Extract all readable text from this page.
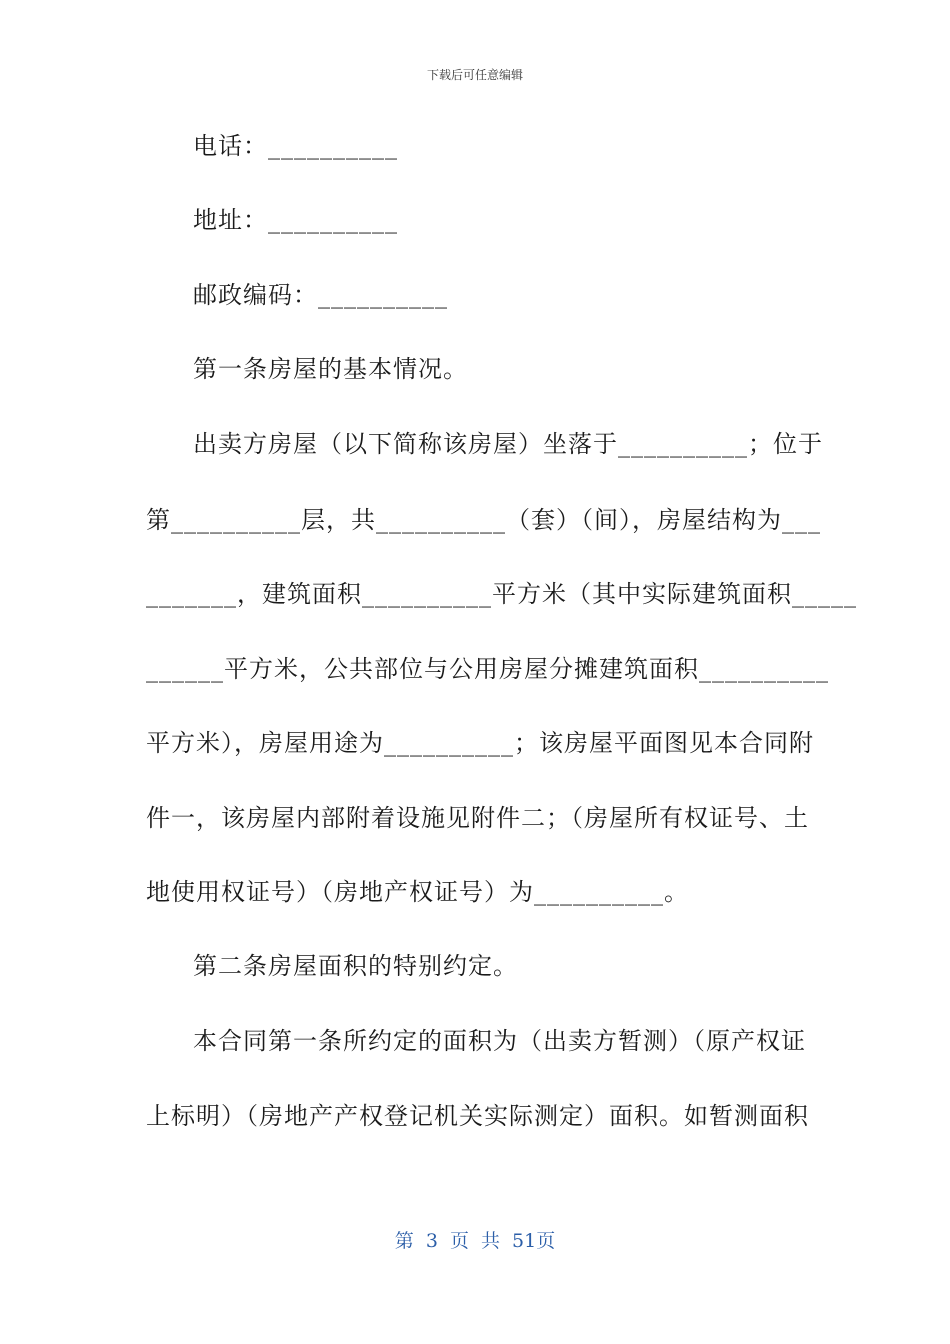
下载后可任意编辑
电话：__________
地址：__________
邮政编码：__________
第一条房屋的基本情况。
出卖方房屋（以下简称该房屋）坐落于__________；位于
第__________层，共__________（套）（间），房屋结构为___
_______，建筑面积__________平方米（其中实际建筑面积_____
______平方米，公共部位与公用房屋分摊建筑面积__________
平方米），房屋用途为__________；该房屋平面图见本合同附
件一，该房屋内部附着设施见附件二；（房屋所有权证号、土
地使用权证号）（房地产权证号）为__________。
第二条房屋面积的特别约定。
本合同第一条所约定的面积为（出卖方暂测）（原产权证
上标明）（房地产产权登记机关实际测定）面积。如暂测面积
第 3 页 共 51页
